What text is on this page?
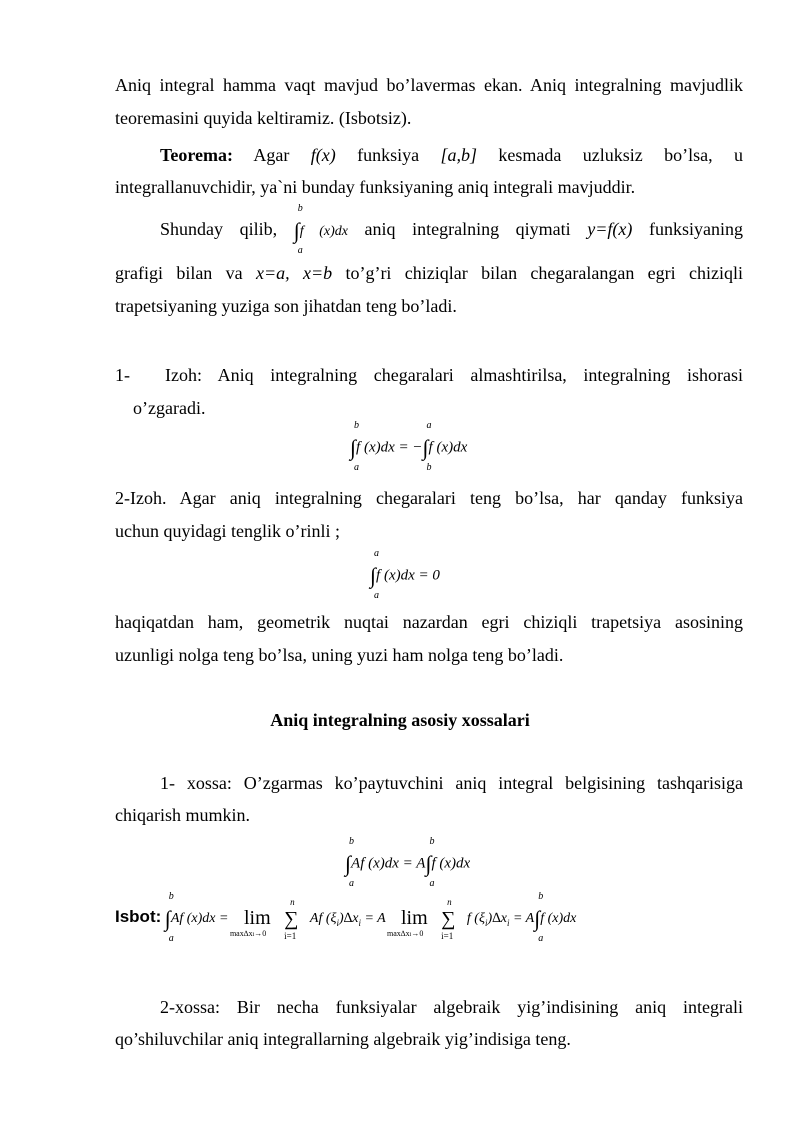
Aniq integral hamma vaqt mavjud bo’lavermas ekan. Aniq integralning mavjudlik
teoremasini quyida keltiramiz. (Isbotsiz).
Teorema: Agar f(x) funksiya [a,b] kesmada uzluksiz bo’lsa, u
integrallanuvchidir, ya`ni bunday funksiyaning aniq integrali mavjuddir.
Shunday qilib, ∫
b
a
f (x)dx aniq integralning qiymati y=f(x) funksiyaning
grafigi bilan va x=a, x=b to’g’ri chiziqlar bilan chegaralangan egri chiziqli
trapetsiyaning yuziga son jihatdan teng bo’ladi.
1- Izoh: Aniq integralning chegaralari almashtirilsa, integralning ishorasi
o’zgaradi.
∫
b
a
f (x)dx = −∫
a
b
f (x)dx
2-Izoh. Agar aniq integralning chegaralari teng bo’lsa, har qanday funksiya
uchun quyidagi tenglik o’rinli ;
∫
a
a
f (x)dx = 0
haqiqatdan ham, geometrik nuqtai nazardan egri chiziqli trapetsiya asosining
uzunligi nolga teng bo’lsa, uning yuzi ham nolga teng bo’ladi.
Aniq integralning asosiy xossalari
1- xossa: O’zgarmas ko’paytuvchini aniq integral belgisining tashqarisiga
chiqarish mumkin.
∫
b
a
Af (x)dx = A∫
b
a
f (x)dx
Isbot: ∫
b
a
Af (x)dx = lim
max∆xi→0
∑
n
i=1
Af $(\xi_i)\Delta x_i = A$ lim
max∆xi→0
∑
n
i=1
f $(\xi_i)\Delta x_i = A\int$
b
a
f (x)dx
2-xossa: Bir necha funksiyalar algebraik yig’indisining aniq integrali
qo’shiluvchilar aniq integrallarning algebraik yig’indisiga teng.
